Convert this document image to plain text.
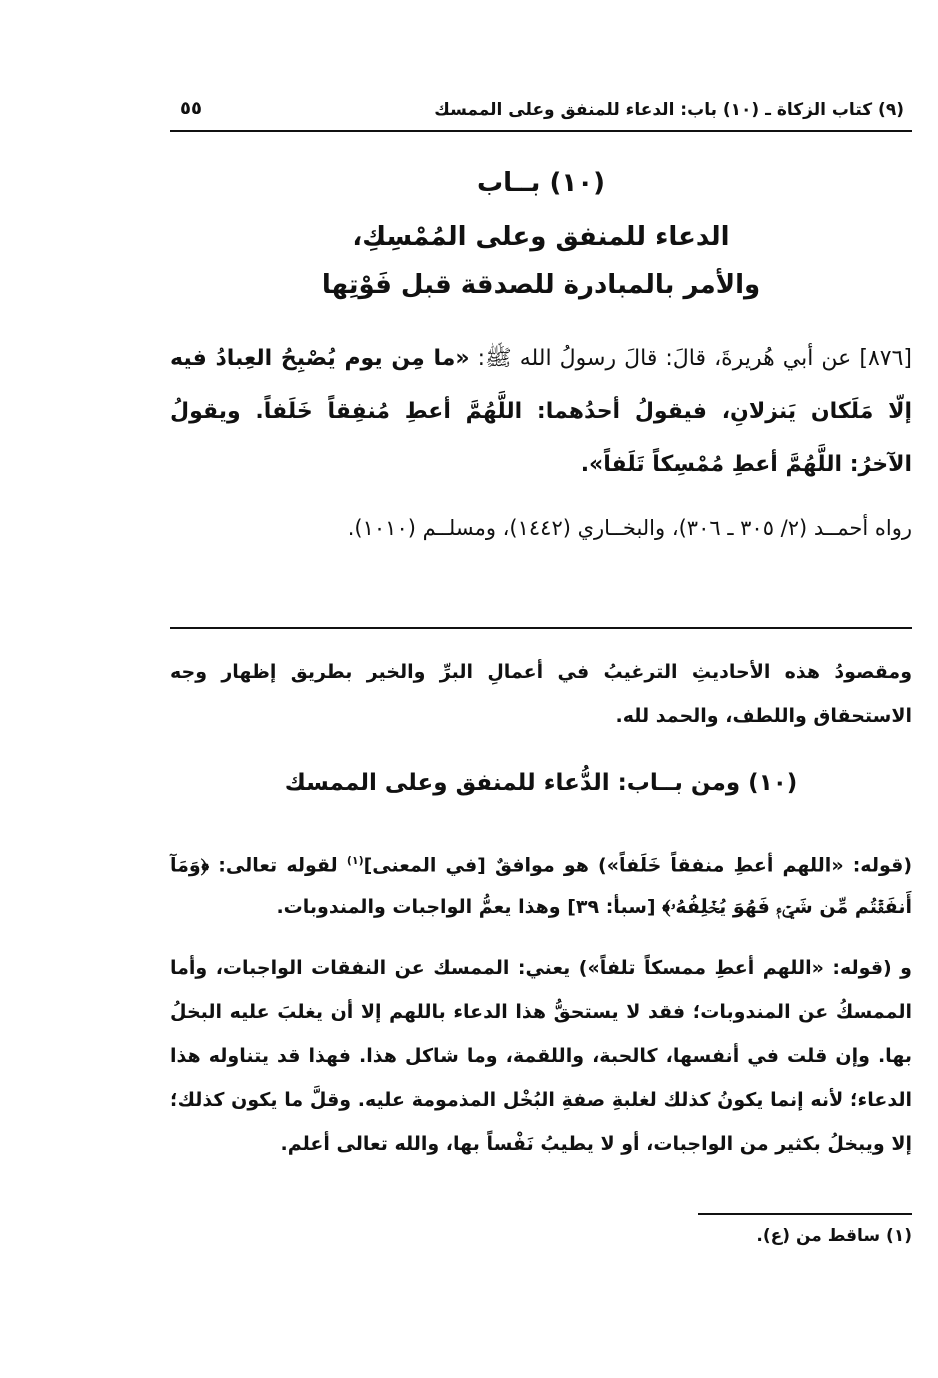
(٩) كتاب الزكاة ـ (١٠) باب: الدعاء للمنفق وعلى الممسك
٥٥
(١٠) بــاب
الدعاء للمنفق وعلى المُمْسِكِ،
والأمر بالمبادرة للصدقة قبل فَوْتِها
[٨٧٦] عن أبي هُريرةَ، قالَ: قالَ رسولُ الله ﷺ: «ما مِن يوم يُصْبِحُ العِبادُ فيه إلّا مَلَكان يَنزلانِ، فيقولُ أحدُهما: اللَّهُمَّ أعطِ مُنفِقاً خَلَفاً. ويقولُ الآخرُ: اللَّهُمَّ أعطِ مُمْسِكاً تَلَفاً».
رواه أحمــد (٢/ ٣٠٥ ـ ٣٠٦)، والبخــاري (١٤٤٢)، ومسلــم (١٠١٠).
ومقصودُ هذه الأحاديثِ الترغيبُ في أعمالِ البرِّ والخير بطريق إظهار وجه الاستحقاق واللطف، والحمد لله.
(١٠) ومن بــاب: الدُّعاء للمنفق وعلى الممسك
(قوله: «اللهم أعطِ منفقاً خَلَفاً») هو موافقٌ [في المعنى]$^{(١)}$ لقوله تعالى: ﴿وَمَآ أَنفَقۡتُم مِّن شَيۡءٖ فَهُوَ يُخۡلِفُهُۥ﴾ [سبأ: ٣٩] وهذا يعمُّ الواجبات والمندوبات.
و (قوله: «اللهم أعطِ ممسكاً تلفاً») يعني: الممسك عن النفقات الواجبات، وأما الممسكُ عن المندوبات؛ فقد لا يستحقُّ هذا الدعاء باللهم إلا أن يغلبَ عليه البخلُ بها. وإن قلت في أنفسها، كالحبة، واللقمة، وما شاكل هذا. فهذا قد يتناوله هذا الدعاء؛ لأنه إنما يكونُ كذلك لغلبةِ صفةِ البُخْل المذمومة عليه. وقلَّ ما يكون كذلك؛ إلا ويبخلُ بكثير من الواجبات، أو لا يطيبُ نَفْساً بها، والله تعالى أعلم.
(١) ساقط من (ع).
